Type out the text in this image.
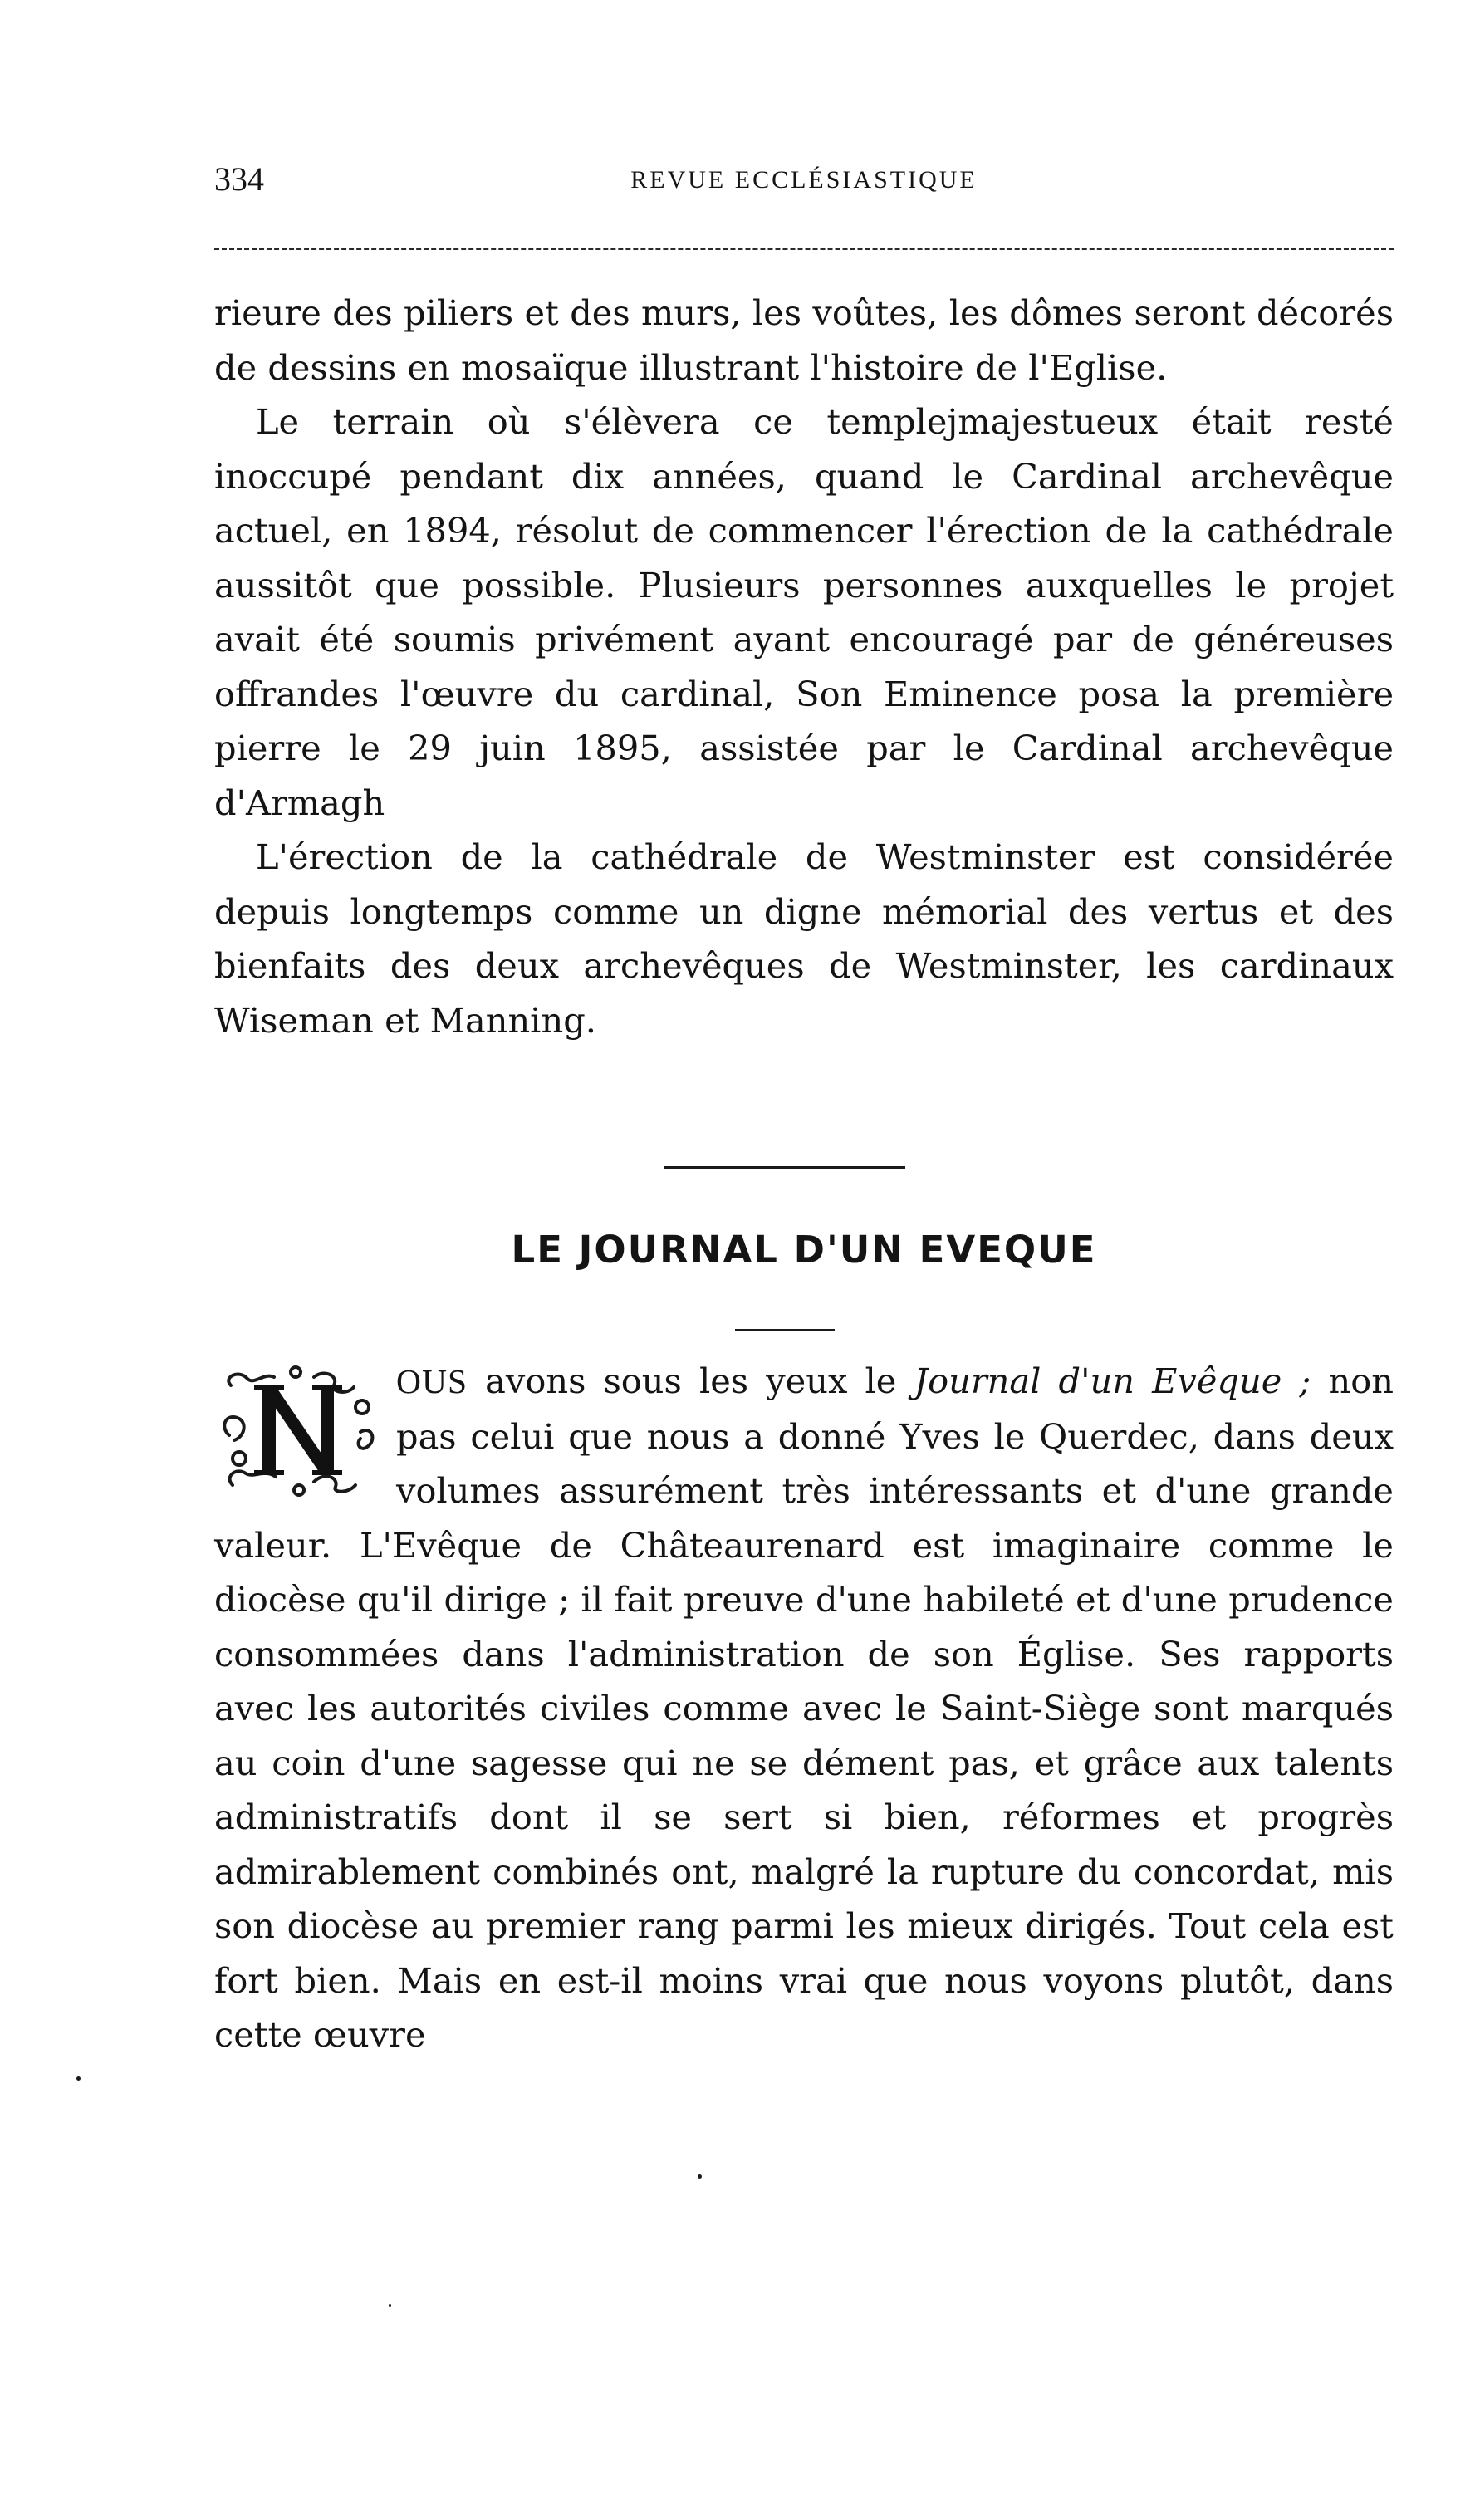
334	REVUE ECCLÉSIASTIQUE

rieure des piliers et des murs, les voûtes, les dômes seront décorés de dessins en mosaïque illustrant l'histoire de l'Eglise.

Le terrain où s'élèvera ce templejmajestueux était resté inoccupé pendant dix années, quand le Cardinal archevêque actuel, en 1894, résolut de commencer l'érection de la cathédrale aussitôt que possible. Plusieurs personnes auxquelles le projet avait été soumis privément ayant encouragé par de généreuses offrandes l'œuvre du cardinal, Son Eminence posa la première pierre le 29 juin 1895, assistée par le Cardinal archevêque d'Armagh

L'érection de la cathédrale de Westminster est considérée depuis longtemps comme un digne mémorial des vertus et des bienfaits des deux archevêques de Westminster, les cardinaux Wiseman et Manning.

LE JOURNAL D'UN EVEQUE

OUS avons sous les yeux le Journal d'un Evêque ; non pas celui que nous a donné Yves le Querdec, dans deux volumes assurément très intéressants et d'une grande valeur. L'Evêque de Châteaurenard est imaginaire comme le diocèse qu'il dirige ; il fait preuve d'une habileté et d'une prudence consommées dans l'administration de son Église. Ses rapports avec les autorités civiles comme avec le Saint-Siège sont marqués au coin d'une sagesse qui ne se dément pas, et grâce aux talents administratifs dont il se sert si bien, réformes et progrès admirablement combinés ont, malgré la rupture du concordat, mis son diocèse au premier rang parmi les mieux dirigés. Tout cela est fort bien. Mais en est-il moins vrai que nous voyons plutôt, dans cette œuvre
